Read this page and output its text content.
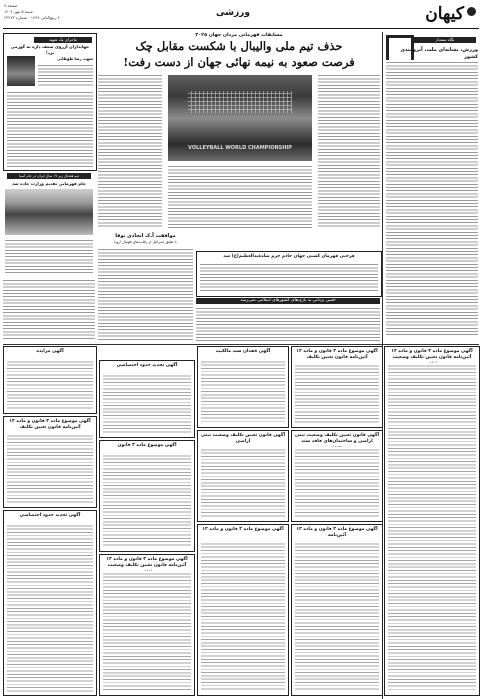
کیهان
ورزشی
صفحه ۹
شنبه ۵ مهر ۱۴۰۴
۴ ربیع‌الثانی ۱۴۴۷ - شماره ۲۳۲۷۳
نگاه نیمه‌باز
ورزش، نشانه‌ای ملت، آبرومندی کشور
ماجرای یک شهید
جهانداران آرزوی ضعف داره به گورمی برد!
شهید رضا طوطانی
تیم هندبال زیر ۱۷ سال ایران در جام آسیا
جام قهرمانی تقدیم وزارت جاده شد
مسابقات قهرمانی مردان جهان ۲۰۲۵
حذف تیم ملی والیبال با شکست مقابل چک
فرصت صعود به نیمه نهائی جهان از دست رفت!
VOLLEYBALL WORLD CHAMPIONSHIP
موافقت آ.ک اتحادی نوفا
با تعلیق اسرائیل از رقابت‌های فوتبال اروپا
فرختی قهرمان کشتی جهان خادم حرم شاه‌عبدالعظیم(ع) شد
حسن یزدانی به بازی‌های کشورهای اسلامی نمی‌رسد
آگهی موضوع ماده ۳ قانون و ماده ۱۳ آئین‌نامه قانون تعیین تکلیف وضعیت
آگهی موضوع ماده ۳ قانون و ماده ۱۳ آئین‌نامه قانون تعیین تکلیف
آگهی قانون تعیین تکلیف وضعیت ثبتی اراضی و ساختمان‌های فاقد سند
آگهی موضوع ماده ۳ قانون و ماده ۱۳ آئین‌نامه
آگهی فقدان سند مالکیت
آگهی قانون تعیین تکلیف وضعیت ثبتی اراضی
آگهی موضوع ماده ۳ قانون و ماده ۱۳
آگهی تحدید حدود اختصاصی
آگهی موضوع ماده ۳ قانون
آگهی موضوع ماده ۳ قانون و ماده ۱۳ آئین‌نامه قانون تعیین تکلیف وضعیت
آگهی مزایده
آگهی موضوع ماده ۳ قانون و ماده ۱۳ آئین‌نامه قانون تعیین تکلیف
آگهی تحدید حدود اختصاصی
